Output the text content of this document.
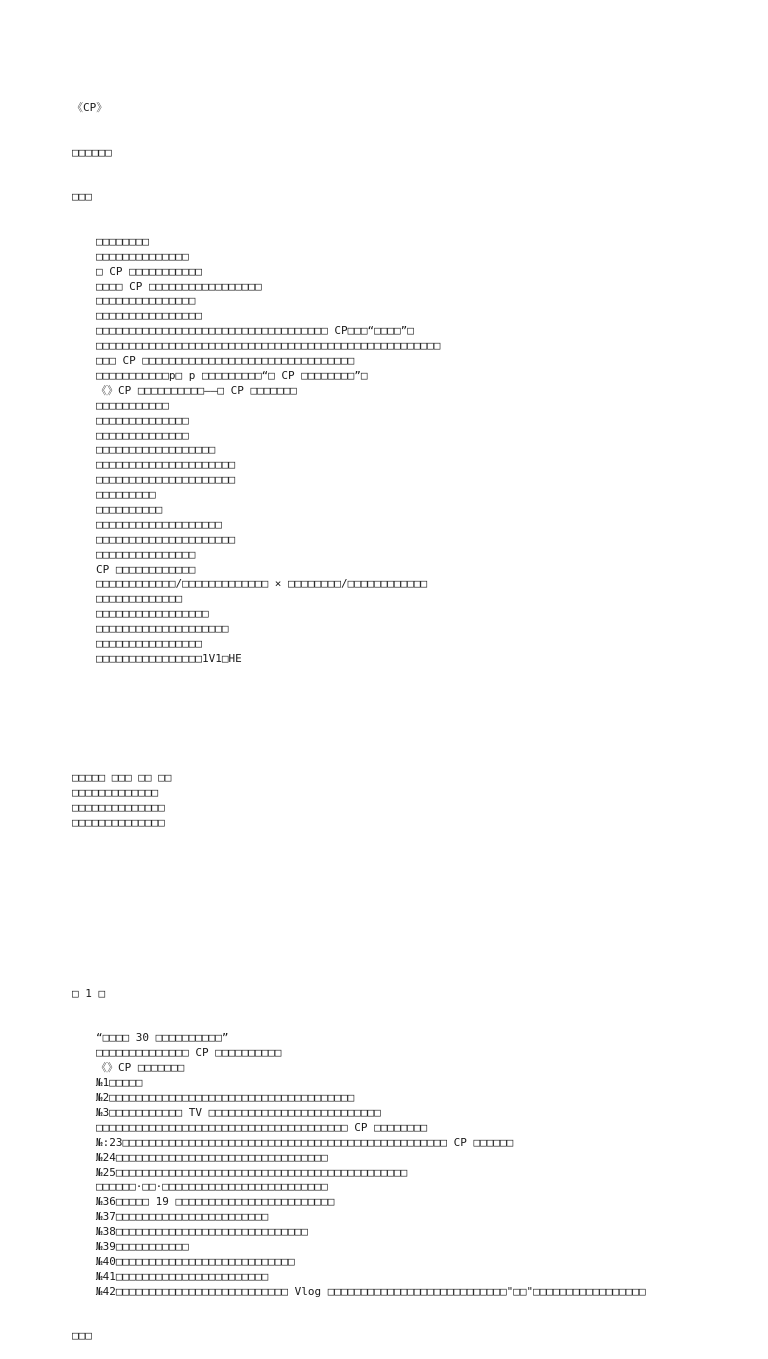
《CP》

□□□□□□

□□□

□□□□□□□□
□□□□□□□□□□□□□□
□ CP □□□□□□□□□□□
□□□□ CP □□□□□□□□□□□□□□□□□
□□□□□□□□□□□□□□□
□□□□□□□□□□□□□□□□
□□□□□□□□□□□□□□□□□□□□□□□□□□□□□□□□□□□ CP□□□“□□□□”□
□□□□□□□□□□□□□□□□□□□□□□□□□□□□□□□□□□□□□□□□□□□□□□□□□□□□
□□□ CP □□□□□□□□□□□□□□□□□□□□□□□□□□□□□□□□
□□□□□□□□□□□p□ p □□□□□□□□□“□ CP □□□□□□□□”□
《》CP □□□□□□□□□□——□ CP □□□□□□□
□□□□□□□□□□□
□□□□□□□□□□□□□□
□□□□□□□□□□□□□□
□□□□□□□□□□□□□□□□□□
□□□□□□□□□□□□□□□□□□□□□
□□□□□□□□□□□□□□□□□□□□□
□□□□□□□□□
□□□□□□□□□□
□□□□□□□□□□□□□□□□□□□
□□□□□□□□□□□□□□□□□□□□□
□□□□□□□□□□□□□□□
CP □□□□□□□□□□□□
□□□□□□□□□□□□/□□□□□□□□□□□□□ × □□□□□□□□/□□□□□□□□□□□□
□□□□□□□□□□□□□
□□□□□□□□□□□□□□□□□
□□□□□□□□□□□□□□□□□□□□
□□□□□□□□□□□□□□□□
□□□□□□□□□□□□□□□□1V1□HE

□□□□□ □□□ □□ □□
□□□□□□□□□□□□□
□□□□□□□□□□□□□□
□□□□□□□□□□□□□□

□ 1 □

“□□□□ 30 □□□□□□□□□□”
□□□□□□□□□□□□□□ CP □□□□□□□□□□
《》CP □□□□□□□
№1□□□□□
№2□□□□□□□□□□□□□□□□□□□□□□□□□□□□□□□□□□□□□
№3□□□□□□□□□□□ TV □□□□□□□□□□□□□□□□□□□□□□□□□□
□□□□□□□□□□□□□□□□□□□□□□□□□□□□□□□□□□□□□□ CP □□□□□□□□
№:23□□□□□□□□□□□□□□□□□□□□□□□□□□□□□□□□□□□□□□□□□□□□□□□□□ CP □□□□□□
№24□□□□□□□□□□□□□□□□□□□□□□□□□□□□□□□□
№25□□□□□□□□□□□□□□□□□□□□□□□□□□□□□□□□□□□□□□□□□□□□
□□□□□□·□□·□□□□□□□□□□□□□□□□□□□□□□□□□
№36□□□□□ 19 □□□□□□□□□□□□□□□□□□□□□□□□
№37□□□□□□□□□□□□□□□□□□□□□□□
№38□□□□□□□□□□□□□□□□□□□□□□□□□□□□□
№39□□□□□□□□□□□
№40□□□□□□□□□□□□□□□□□□□□□□□□□□□
№41□□□□□□□□□□□□□□□□□□□□□□□
№42□□□□□□□□□□□□□□□□□□□□□□□□□□ Vlog □□□□□□□□□□□□□□□□□□□□□□□□□□□"□□"□□□□□□□□□□□□□□□□□

□□□
